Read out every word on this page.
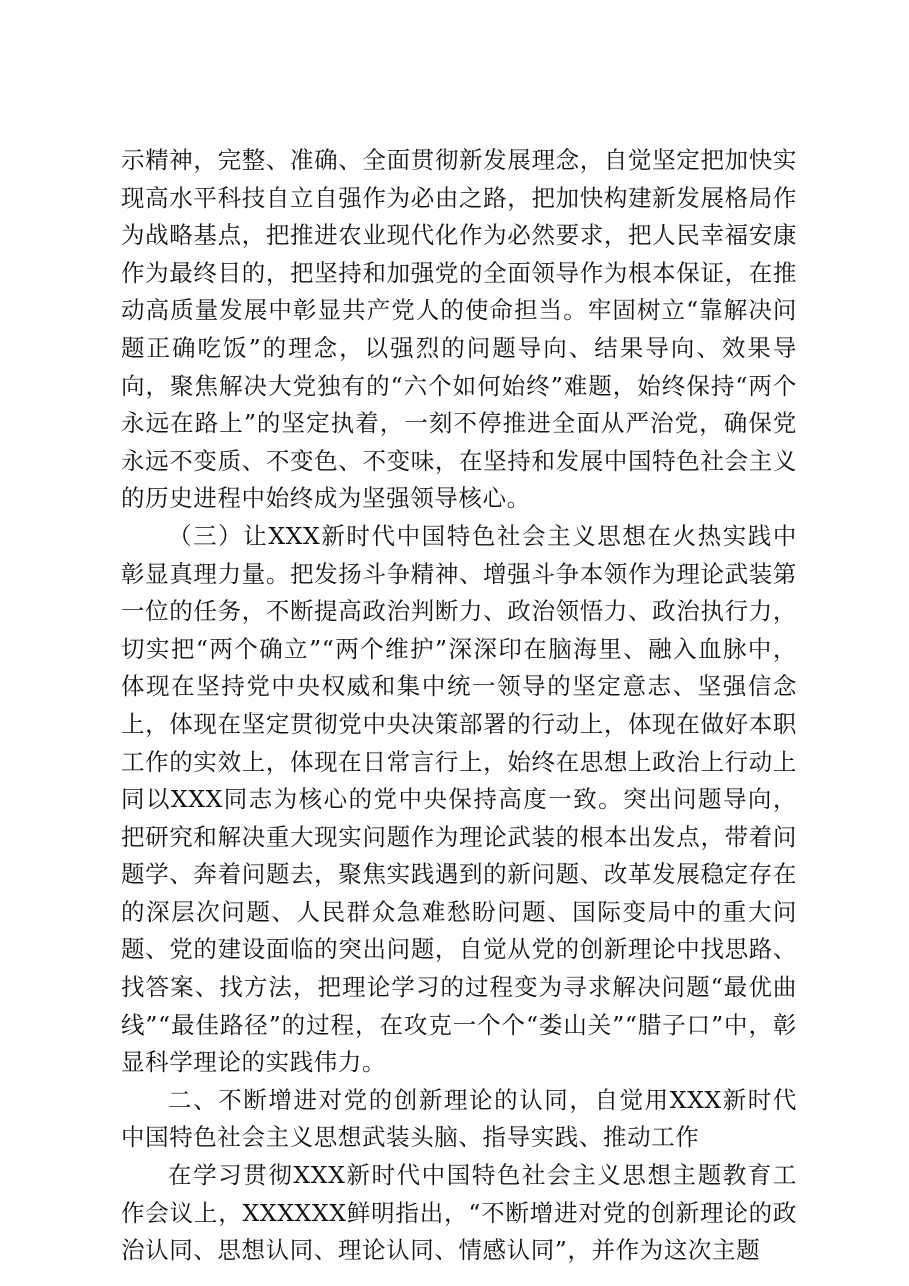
示精神，完整、准确、全面贯彻新发展理念，自觉坚定把加快实现高水平科技自立自强作为必由之路，把加快构建新发展格局作为战略基点，把推进农业现代化作为必然要求，把人民幸福安康作为最终目的，把坚持和加强党的全面领导作为根本保证，在推动高质量发展中彰显共产党人的使命担当。牢固树立“靠解决问题正确吃饭”的理念，以强烈的问题导向、结果导向、效果导向，聚焦解决大党独有的“六个如何始终”难题，始终保持“两个永远在路上”的坚定执着，一刻不停推进全面从严治党，确保党永远不变质、不变色、不变味，在坚持和发展中国特色社会主义的历史进程中始终成为坚强领导核心。

（三）让XXX新时代中国特色社会主义思想在火热实践中彰显真理力量。把发扬斗争精神、增强斗争本领作为理论武装第一位的任务，不断提高政治判断力、政治领悟力、政治执行力，切实把“两个确立”“两个维护”深深印在脑海里、融入血脉中，体现在坚持党中央权威和集中统一领导的坚定意志、坚强信念上，体现在坚定贯彻党中央决策部署的行动上，体现在做好本职工作的实效上，体现在日常言行上，始终在思想上政治上行动上同以XXX同志为核心的党中央保持高度一致。突出问题导向，把研究和解决重大现实问题作为理论武装的根本出发点，带着问题学、奔着问题去，聚焦实践遇到的新问题、改革发展稳定存在的深层次问题、人民群众急难愁盼问题、国际变局中的重大问题、党的建设面临的突出问题，自觉从党的创新理论中找思路、找答案、找方法，把理论学习的过程变为寻求解决问题“最优曲线”“最佳路径”的过程，在攻克一个个“娄山关”“腊子口”中，彰显科学理论的实践伟力。

二、不断增进对党的创新理论的认同，自觉用XXX新时代中国特色社会主义思想武装头脑、指导实践、推动工作

在学习贯彻XXX新时代中国特色社会主义思想主题教育工作会议上，XXXXXX鲜明指出，“不断增进对党的创新理论的政治认同、思想认同、理论认同、情感认同”，并作为这次主题
